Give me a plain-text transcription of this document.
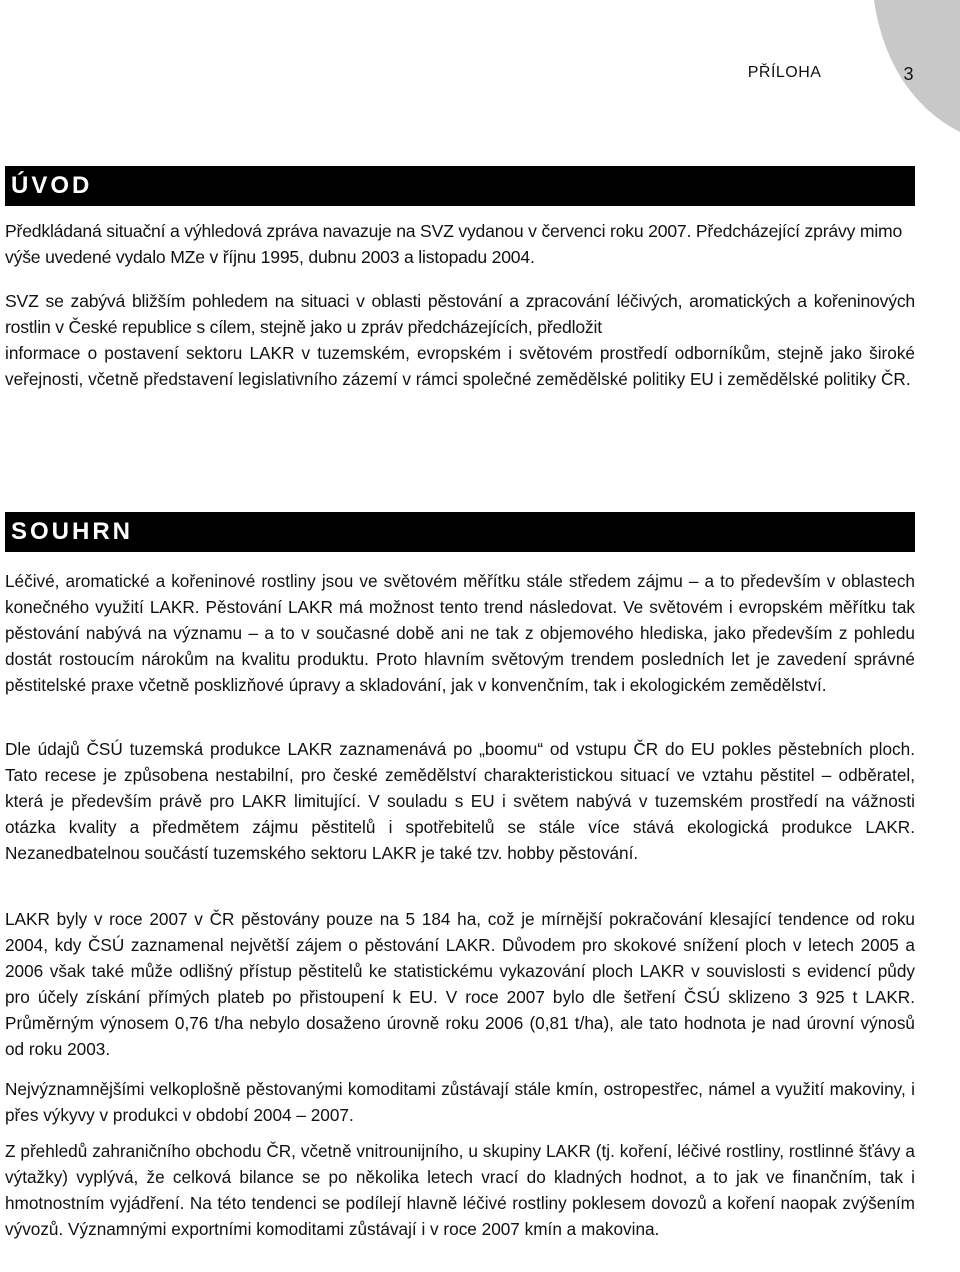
PŘÍLOHA	3
ÚVOD

Předkládaná situační a výhledová zpráva navazuje na SVZ vydanou v červenci roku 2007. Předcházející zprávy mimo výše uvedené vydalo MZe v říjnu 1995, dubnu 2003 a listopadu 2004.

SVZ se zabývá bližším pohledem na situaci v oblasti pěstování a zpracování léčivých, aromatických a kořeninových rostlin v České republice s cílem, stejně jako u zpráv předcházejících, předložit

informace o postavení sektoru LAKR v tuzemském, evropském i světovém prostředí odborníkům, stejně jako široké veřejnosti, včetně představení legislativního zázemí v rámci společné zemědělské politiky EU i zemědělské politiky ČR.

SOUHRN

Léčivé, aromatické a kořeninové rostliny jsou ve světovém měřítku stále středem zájmu – a to především v oblastech konečného využití LAKR. Pěstování LAKR má možnost tento trend následovat. Ve světovém i evropském měřítku tak pěstování nabývá na významu – a to v současné době ani ne tak z objemového hlediska, jako především z pohledu dostát rostoucím nárokům na kvalitu produktu. Proto hlavním světovým trendem posledních let je zavedení správné pěstitelské praxe včetně posklizňové úpravy a skladování, jak v konvenčním, tak i ekologickém zemědělství.

Dle údajů ČSÚ tuzemská produkce LAKR zaznamenává po „boomu“ od vstupu ČR do EU pokles pěstebních ploch. Tato recese je způsobena nestabilní, pro české zemědělství charakteristickou situací ve vztahu pěstitel – odběratel, která je především právě pro LAKR limitující. V souladu s EU i světem nabývá v tuzemském prostředí na vážnosti otázka kvality a předmětem zájmu pěstitelů i spotřebitelů se stále více stává ekologická produkce LAKR. Nezanedbatelnou součástí tuzemského sektoru LAKR je také tzv. hobby pěstování.

LAKR byly v roce 2007 v ČR pěstovány pouze na 5 184 ha, což je mírnější pokračování klesající tendence od roku 2004, kdy ČSÚ zaznamenal největší zájem o pěstování LAKR. Důvodem pro skokové snížení ploch v letech 2005 a 2006 však také může odlišný přístup pěstitelů ke statistickému vykazování ploch LAKR v souvislosti s evidencí půdy pro účely získání přímých plateb po přistoupení k EU. V roce 2007 bylo dle šetření ČSÚ sklizeno 3 925 t LAKR. Průměrným výnosem 0,76 t/ha nebylo dosaženo úrovně roku 2006 (0,81 t/ha), ale tato hodnota je nad úrovní výnosů od roku 2003.

Nejvýznamnějšími velkoplošně pěstovanými komoditami zůstávají stále kmín, ostropestřec, námel a využití makoviny, i přes výkyvy v produkci v období 2004 – 2007.

Z přehledů zahraničního obchodu ČR, včetně vnitrounijního, u skupiny LAKR (tj. koření, léčivé rostliny, rostlinné šťávy a výtažky) vyplývá, že celková bilance se po několika letech vrací do kladných hodnot, a to jak ve finančním, tak i hmotnostním vyjádření. Na této tendenci se podílejí hlavně léčivé rostliny poklesem dovozů a koření naopak zvýšením vývozů. Významnými exportními komoditami zůstávají i v roce 2007 kmín a makovina.
